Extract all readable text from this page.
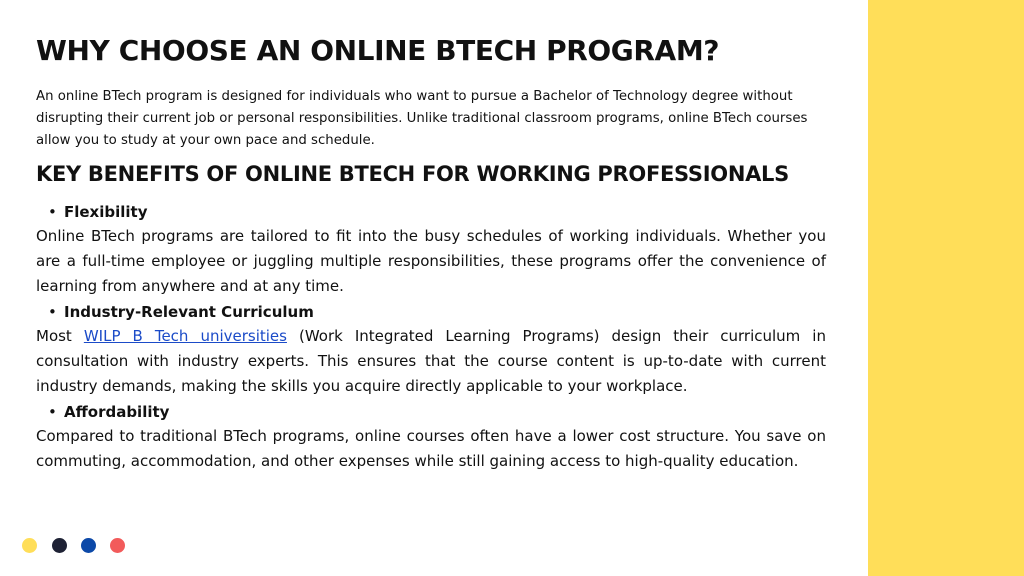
WHY CHOOSE AN ONLINE BTECH PROGRAM?

An online BTech program is designed for individuals who want to pursue a Bachelor of Technology degree without disrupting their current job or personal responsibilities. Unlike traditional classroom programs, online BTech courses allow you to study at your own pace and schedule.

KEY BENEFITS OF ONLINE BTECH FOR WORKING PROFESSIONALS
• Flexibility

Online BTech programs are tailored to fit into the busy schedules of working individuals. Whether you are a full-time employee or juggling multiple responsibilities, these programs offer the convenience of learning from anywhere and at any time.

• Industry-Relevant Curriculum

Most WILP B Tech universities (Work Integrated Learning Programs) design their curriculum in consultation with industry experts. This ensures that the course content is up-to-date with current industry demands, making the skills you acquire directly applicable to your workplace.

• Affordability

Compared to traditional BTech programs, online courses often have a lower cost structure. You save on commuting, accommodation, and other expenses while still gaining access to high-quality education.
